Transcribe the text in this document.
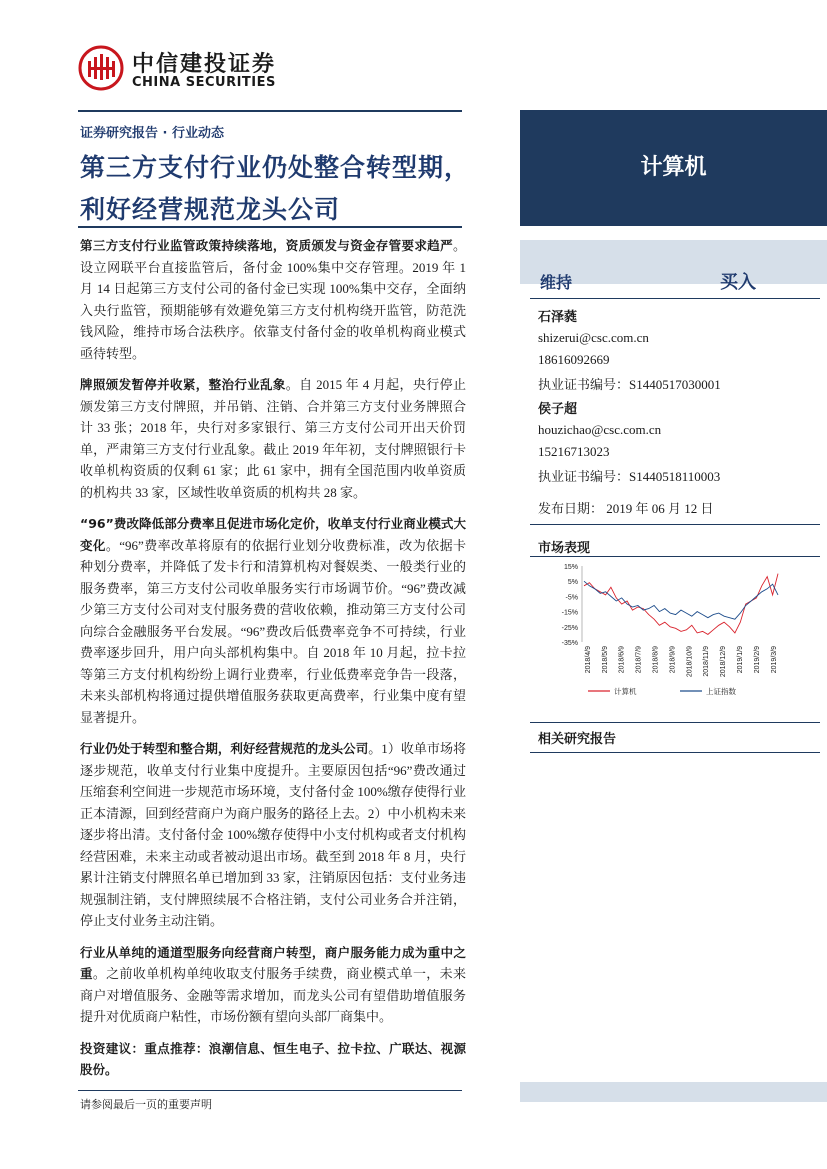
中信建投证券
CHINA SECURITIES
证券研究报告 · 行业动态
第三方支付行业仍处整合转型期，
利好经营规范龙头公司
计算机
维持	买入
石泽蕤
shizerui@csc.com.cn
18616092669
执业证书编号：S1440517030001
侯子超
houzichao@csc.com.cn
15216713023
执业证书编号：S1440518110003
发布日期： 2019 年 06 月 12 日
市场表现
15%
5%
-5%
-15%
-25%
-35%
2018/4/9 2018/5/9 2018/6/9 2018/7/9 2018/8/9 2018/9/9 2018/10/9 2018/11/9 2018/12/9 2019/1/9 2019/2/9 2019/3/9
计算机	上证指数
相关研究报告

第三方支付行业监管政策持续落地，资质颁发与资金存管要求趋严。设立网联平台直接监管后，备付金 100%集中交存管理。2019 年 1 月 14 日起第三方支付公司的备付金已实现 100%集中交存，全面纳入央行监管，预期能够有效避免第三方支付机构绕开监管，防范洗钱风险，维持市场合法秩序。依靠支付备付金的收单机构商业模式亟待转型。

牌照颁发暂停并收紧，整治行业乱象。自 2015 年 4 月起，央行停止颁发第三方支付牌照，并吊销、注销、合并第三方支付业务牌照合计 33 张；2018 年，央行对多家银行、第三方支付公司开出天价罚单，严肃第三方支付行业乱象。截止 2019 年年初，支付牌照银行卡收单机构资质的仅剩 61 家；此 61 家中，拥有全国范围内收单资质的机构共 33 家，区域性收单资质的机构共 28 家。

“96”费改降低部分费率且促进市场化定价，收单支付行业商业模式大变化。“96”费率改革将原有的依据行业划分收费标准，改为依据卡种划分费率，并降低了发卡行和清算机构对餐娱类、一般类行业的服务费率，第三方支付公司收单服务实行市场调节价。“96”费改减少第三方支付公司对支付服务费的营收依赖，推动第三方支付公司向综合金融服务平台发展。“96”费改后低费率竞争不可持续，行业费率逐步回升，用户向头部机构集中。自 2018 年 10 月起，拉卡拉等第三方支付机构纷纷上调行业费率，行业低费率竞争告一段落，未来头部机构将通过提供增值服务获取更高费率，行业集中度有望显著提升。

行业仍处于转型和整合期，利好经营规范的龙头公司。1）收单市场将逐步规范，收单支付行业集中度提升。主要原因包括“96”费改通过压缩套利空间进一步规范市场环境，支付备付金 100%缴存使得行业正本清源，回到经营商户为商户服务的路径上去。2）中小机构未来逐步将出清。支付备付金 100%缴存使得中小支付机构或者支付机构经营困难，未来主动或者被动退出市场。截至到 2018 年 8 月，央行累计注销支付牌照名单已增加到 33 家，注销原因包括：支付业务违规强制注销，支付牌照续展不合格注销，支付公司业务合并注销，停止支付业务主动注销。

行业从单纯的通道型服务向经营商户转型，商户服务能力成为重中之重。之前收单机构单纯收取支付服务手续费，商业模式单一，未来商户对增值服务、金融等需求增加，而龙头公司有望借助增值服务提升对优质商户粘性，市场份额有望向头部厂商集中。

投资建议：重点推荐：浪潮信息、恒生电子、拉卡拉、广联达、视源股份。

请参阅最后一页的重要声明
